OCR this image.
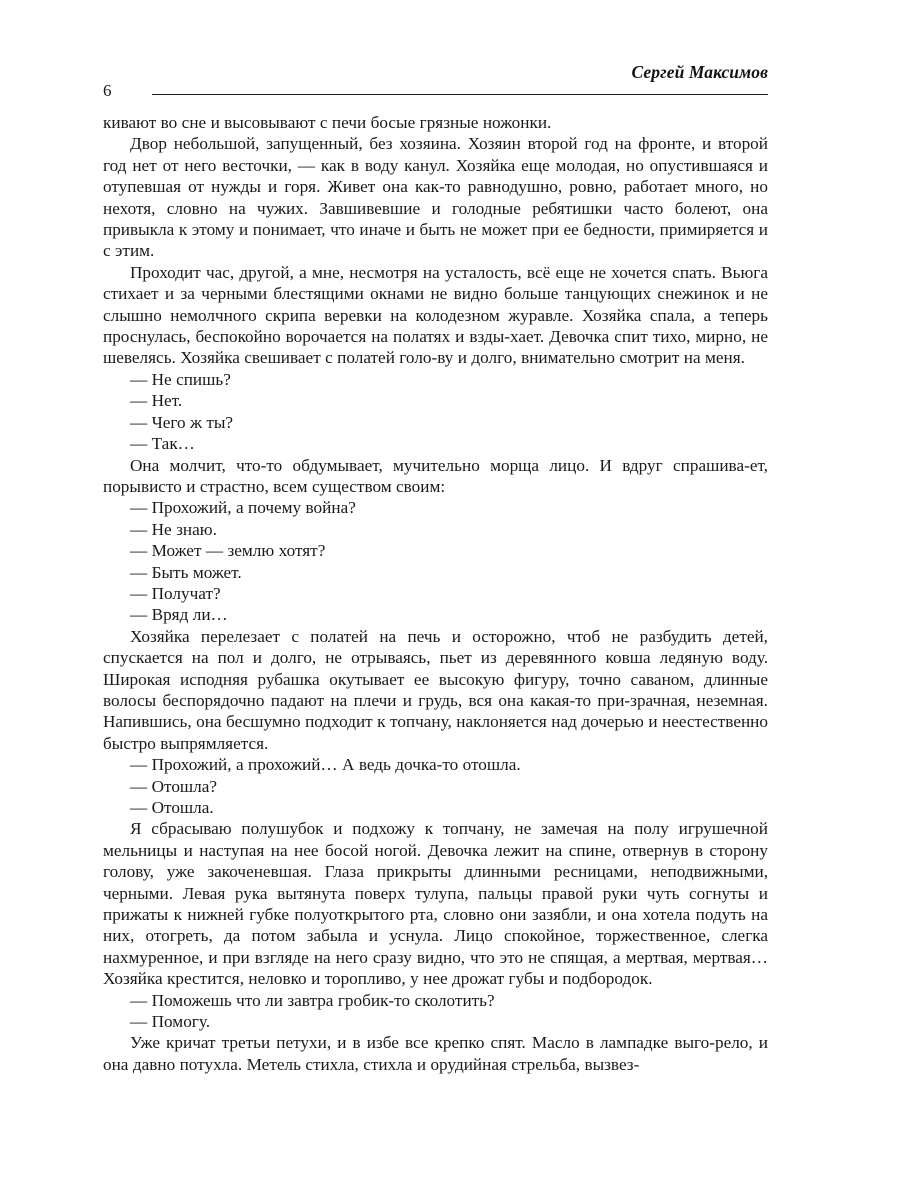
6
Сергей Максимов

кивают во сне и высовывают с печи босые грязные ножонки.

Двор небольшой, запущенный, без хозяина. Хозяин второй год на фронте, и второй год нет от него весточки, — как в воду канул. Хозяйка еще молодая, но опустившаяся и отупевшая от нужды и горя. Живет она как-то равнодушно, ровно, работает много, но нехотя, словно на чужих. Завшивевшие и голодные ребятишки часто болеют, она привыкла к этому и понимает, что иначе и быть не может при ее бедности, примиряется и с этим.

Проходит час, другой, а мне, несмотря на усталость, всё еще не хочется спать. Вьюга стихает и за черными блестящими окнами не видно больше танцующих снежинок и не слышно немолчного скрипа веревки на колодезном журавле. Хозяйка спала, а теперь проснулась, беспокойно ворочается на полатях и взды-хает. Девочка спит тихо, мирно, не шевелясь. Хозяйка свешивает с полатей голо-ву и долго, внимательно смотрит на меня.

— Не спишь?

— Нет.

— Чего ж ты?

— Так…

Она молчит, что-то обдумывает, мучительно морща лицо. И вдруг спрашива-ет, порывисто и страстно, всем существом своим:

— Прохожий, а почему война?

— Не знаю.

— Может — землю хотят?

— Быть может.

— Получат?

— Вряд ли…

Хозяйка перелезает с полатей на печь и осторожно, чтоб не разбудить детей, спускается на пол и долго, не отрываясь, пьет из деревянного ковша ледяную воду. Широкая исподняя рубашка окутывает ее высокую фигуру, точно саваном, длинные волосы беспорядочно падают на плечи и грудь, вся она какая-то при-зрачная, неземная. Напившись, она бесшумно подходит к топчану, наклоняется над дочерью и неестественно быстро выпрямляется.

— Прохожий, а прохожий… А ведь дочка-то отошла.

— Отошла?

— Отошла.

Я сбрасываю полушубок и подхожу к топчану, не замечая на полу игрушечной мельницы и наступая на нее босой ногой. Девочка лежит на спине, отвернув в сторону голову, уже закоченевшая. Глаза прикрыты длинными ресницами, неподвижными, черными. Левая рука вытянута поверх тулупа, пальцы правой руки чуть согнуты и прижаты к нижней губке полуоткрытого рта, словно они зазябли, и она хотела подуть на них, отогреть, да потом забыла и уснула. Лицо спокойное, торжественное, слегка нахмуренное, и при взгляде на него сразу видно, что это не спящая, а мертвая, мертвая… Хозяйка крестится, неловко и торопливо, у нее дрожат губы и подбородок.

— Поможешь что ли завтра гробик-то сколотить?

— Помогу.

Уже кричат третьи петухи, и в избе все крепко спят. Масло в лампадке выго-рело, и она давно потухла. Метель стихла, стихла и орудийная стрельба, вызвез-
